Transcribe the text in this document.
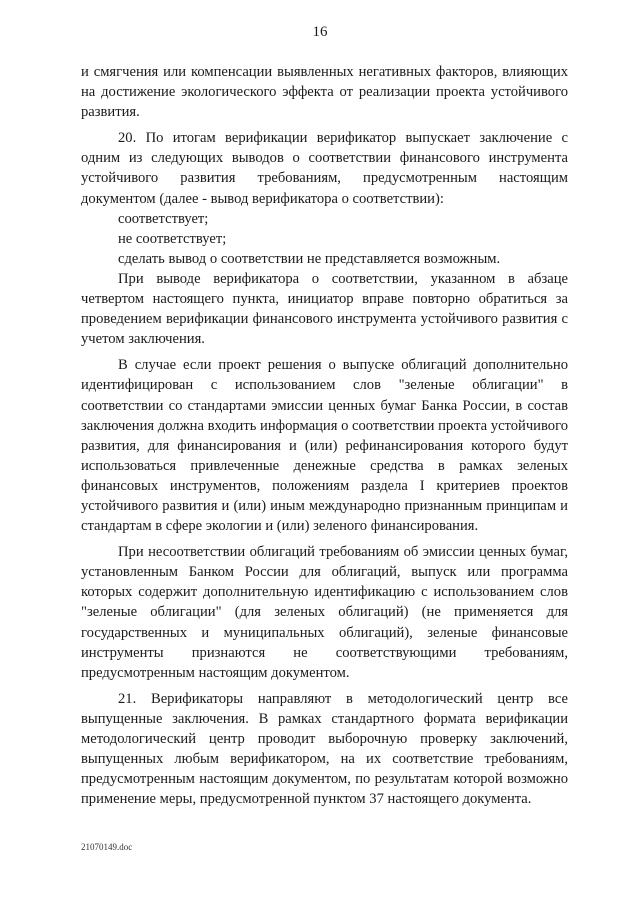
16

и смягчения или компенсации выявленных негативных факторов, влияющих на достижение экологического эффекта от реализации проекта устойчивого развития.

20. По итогам верификации верификатор выпускает заключение с одним из следующих выводов о соответствии финансового инструмента устойчивого развития требованиям, предусмотренным настоящим документом (далее - вывод верификатора о соответствии):

соответствует;

не соответствует;

сделать вывод о соответствии не представляется возможным.

При выводе верификатора о соответствии, указанном в абзаце четвертом настоящего пункта, инициатор вправе повторно обратиться за проведением верификации финансового инструмента устойчивого развития с учетом заключения.

В случае если проект решения о выпуске облигаций дополнительно идентифицирован с использованием слов "зеленые облигации" в соответствии со стандартами эмиссии ценных бумаг Банка России, в состав заключения должна входить информация о соответствии проекта устойчивого развития, для финансирования и (или) рефинансирования которого будут использоваться привлеченные денежные средства в рамках зеленых финансовых инструментов, положениям раздела I критериев проектов устойчивого развития и (или) иным международно признанным принципам и стандартам в сфере экологии и (или) зеленого финансирования.

При несоответствии облигаций требованиям об эмиссии ценных бумаг, установленным Банком России для облигаций, выпуск или программа которых содержит дополнительную идентификацию с использованием слов "зеленые облигации" (для зеленых облигаций) (не применяется для государственных и муниципальных облигаций), зеленые финансовые инструменты признаются не соответствующими требованиям, предусмотренным настоящим документом.

21. Верификаторы направляют в методологический центр все выпущенные заключения. В рамках стандартного формата верификации методологический центр проводит выборочную проверку заключений, выпущенных любым верификатором, на их соответствие требованиям, предусмотренным настоящим документом, по результатам которой возможно применение меры, предусмотренной пунктом 37 настоящего документа.

21070149.doc
